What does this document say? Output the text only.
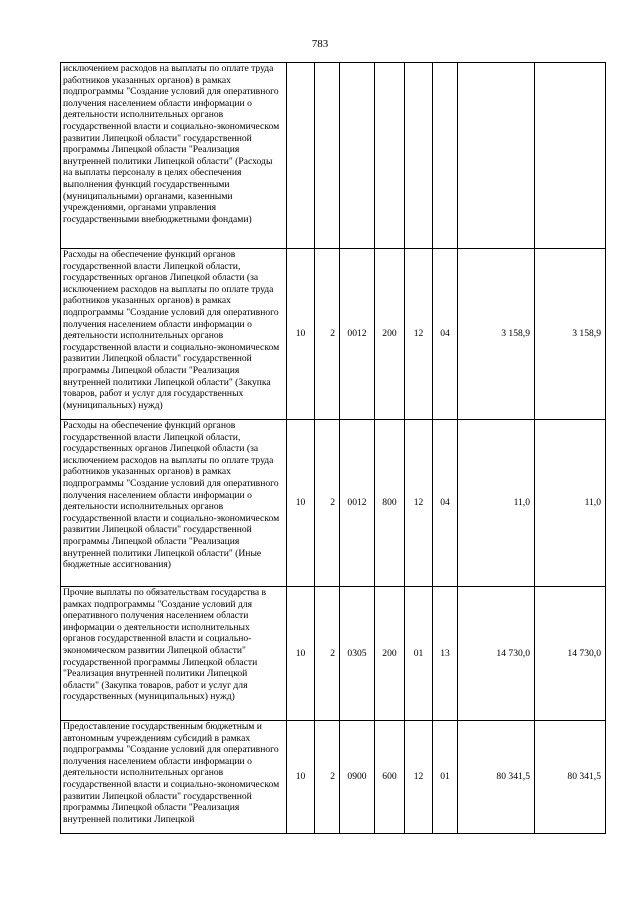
783
исключением расходов на выплаты по оплате труда работников указанных органов) в рамках подпрограммы "Создание условий для оперативного получения населением области информации о деятельности исполнительных органов государственной власти и социально-экономическом развитии Липецкой области" государственной программы Липецкой области "Реализация внутренней политики Липецкой области" (Расходы на выплаты персоналу в целях обеспечения выполнения функций государственными (муниципальными) органами, казенными учреждениями, органами управления государственными внебюджетными фондами)								
Расходы на обеспечение функций органов государственной власти Липецкой области, государственных органов Липецкой области (за исключением расходов на выплаты по оплате труда работников указанных органов) в рамках подпрограммы "Создание условий для оперативного получения населением области информации о деятельности исполнительных органов государственной власти и социально-экономическом развитии Липецкой области" государственной программы Липецкой области "Реализация внутренней политики Липецкой области" (Закупка товаров, работ и услуг для государственных (муниципальных) нужд)	10	2	0012	200	12	04	3 158,9	3 158,9
Расходы на обеспечение функций органов государственной власти Липецкой области, государственных органов Липецкой области (за исключением расходов на выплаты по оплате труда работников указанных органов) в рамках подпрограммы "Создание условий для оперативного получения населением области информации о деятельности исполнительных органов государственной власти и социально-экономическом развитии Липецкой области" государственной программы Липецкой области "Реализация внутренней политики Липецкой области" (Иные бюджетные ассигнования)	10	2	0012	800	12	04	11,0	11,0
Прочие выплаты по обязательствам государства в рамках подпрограммы "Создание условий для оперативного получения населением области информации о деятельности исполнительных органов государственной власти и социально-экономическом развитии Липецкой области" государственной программы Липецкой области "Реализация внутренней политики Липецкой области" (Закупка товаров, работ и услуг для государственных (муниципальных) нужд)	10	2	0305	200	01	13	14 730,0	14 730,0
Предоставление государственным бюджетным и автономным учреждениям субсидий в рамках подпрограммы "Создание условий для оперативного получения населением области информации о деятельности исполнительных органов государственной власти и социально-экономическом развитии Липецкой области" государственной программы Липецкой области "Реализация внутренней политики Липецкой	10	2	0900	600	12	01	80 341,5	80 341,5
